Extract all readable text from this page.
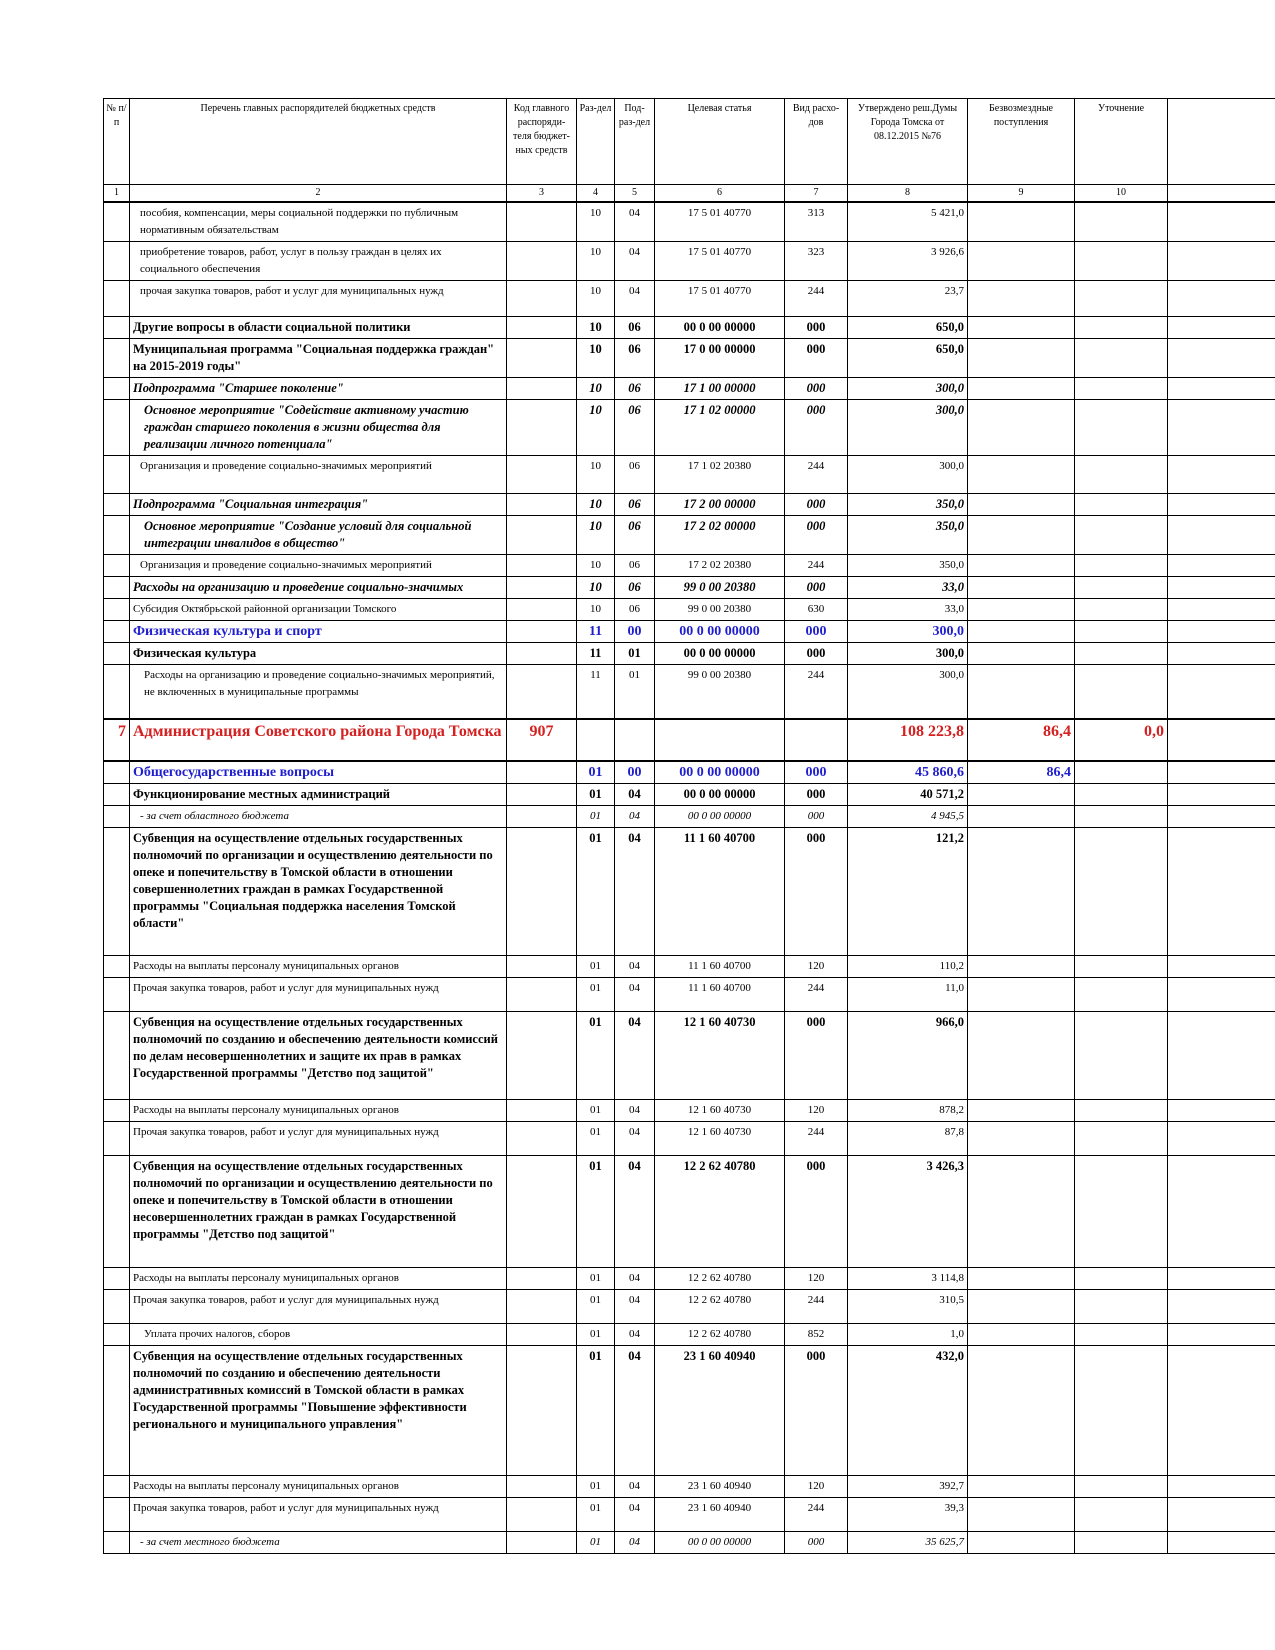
№ п/п	Перечень главных распорядителей бюджетных средств	Код главного распоряди-теля бюджет-ных средств	Раз-дел	Под-раз-дел	Целевая статья	Вид расхо-дов	Утверждено реш.Думы Города Томска от 08.12.2015 №76	Безвозмездные поступления	Уточнение	
1	2	3	4	5	6	7	8	9	10	
	пособия, компенсации, меры социальной поддержки по публичным нормативным обязательствам		10	04	17 5 01 40770	313	5 421,0			
	приобретение товаров, работ, услуг в пользу граждан в целях их социального обеспечения		10	04	17 5 01 40770	323	3 926,6			
	прочая закупка товаров, работ и услуг для муниципальных нужд		10	04	17 5 01 40770	244	23,7			
	Другие вопросы в области социальной политики		10	06	00 0 00 00000	000	650,0			
	Муниципальная программа "Социальная поддержка граждан" на 2015-2019 годы"		10	06	17 0 00 00000	000	650,0			
	Подпрограмма "Старшее поколение"		10	06	17 1 00 00000	000	300,0			
	Основное мероприятие "Содействие активному участию граждан старшего поколения в жизни общества для реализации личного потенциала"		10	06	17 1 02 00000	000	300,0			
	Организация и проведение социально-значимых мероприятий		10	06	17 1 02 20380	244	300,0			
	Подпрограмма "Социальная интеграция"		10	06	17 2 00 00000	000	350,0			
	Основное мероприятие "Создание условий для социальной интеграции инвалидов в общество"		10	06	17 2 02 00000	000	350,0			
	Организация и проведение социально-значимых мероприятий		10	06	17 2 02 20380	244	350,0			
	Расходы на организацию и проведение социально-значимых		10	06	99 0 00 20380	000	33,0			
	Субсидия Октябрьской районной организации Томского		10	06	99 0 00 20380	630	33,0			
	Физическая культура и спорт		11	00	00 0 00 00000	000	300,0			
	Физическая культура		11	01	00 0 00 00000	000	300,0			
	Расходы на организацию и проведение социально-значимых мероприятий, не включенных в муниципальные программы		11	01	99 0 00 20380	244	300,0			
7	Администрация Советского района Города Томска	907					108 223,8	86,4	0,0	
	Общегосударственные вопросы		01	00	00 0 00 00000	000	45 860,6	86,4		
	Функционирование местных администраций		01	04	00 0 00 00000	000	40 571,2			
	- за счет областного бюджета		01	04	00 0 00 00000	000	4 945,5			
	Субвенция на осуществление отдельных государственных полномочий по организации и осуществлению деятельности по опеке и попечительству в Томской области в отношении совершеннолетних граждан в рамках Государственной программы "Социальная поддержка населения Томской области"		01	04	11 1 60 40700	000	121,2			
	Расходы на выплаты персоналу муниципальных органов		01	04	11 1 60 40700	120	110,2			
	Прочая закупка товаров, работ и услуг для муниципальных нужд		01	04	11 1 60 40700	244	11,0			
	Субвенция на осуществление отдельных государственных полномочий по созданию и обеспечению деятельности комиссий по делам несовершеннолетних и защите их прав в рамках Государственной программы "Детство под защитой"		01	04	12 1 60 40730	000	966,0			
	Расходы на выплаты персоналу муниципальных органов		01	04	12 1 60 40730	120	878,2			
	Прочая закупка товаров, работ и услуг для муниципальных нужд		01	04	12 1 60 40730	244	87,8			
	Субвенция на осуществление отдельных государственных полномочий по организации и осуществлению деятельности по опеке и попечительству в Томской области в отношении несовершеннолетних граждан в рамках Государственной программы "Детство под защитой"		01	04	12 2 62 40780	000	3 426,3			
	Расходы на выплаты персоналу муниципальных органов		01	04	12 2 62 40780	120	3 114,8			
	Прочая закупка товаров, работ и услуг для муниципальных нужд		01	04	12 2 62 40780	244	310,5			
	Уплата прочих налогов, сборов		01	04	12 2 62 40780	852	1,0			
	Субвенция на осуществление отдельных государственных полномочий по созданию и обеспечению деятельности административных комиссий в Томской области в рамках Государственной программы "Повышение эффективности регионального и муниципального управления"		01	04	23 1 60 40940	000	432,0			
	Расходы на выплаты персоналу муниципальных органов		01	04	23 1 60 40940	120	392,7			
	Прочая закупка товаров, работ и услуг для муниципальных нужд		01	04	23 1 60 40940	244	39,3			
	- за счет местного бюджета		01	04	00 0 00 00000	000	35 625,7			
